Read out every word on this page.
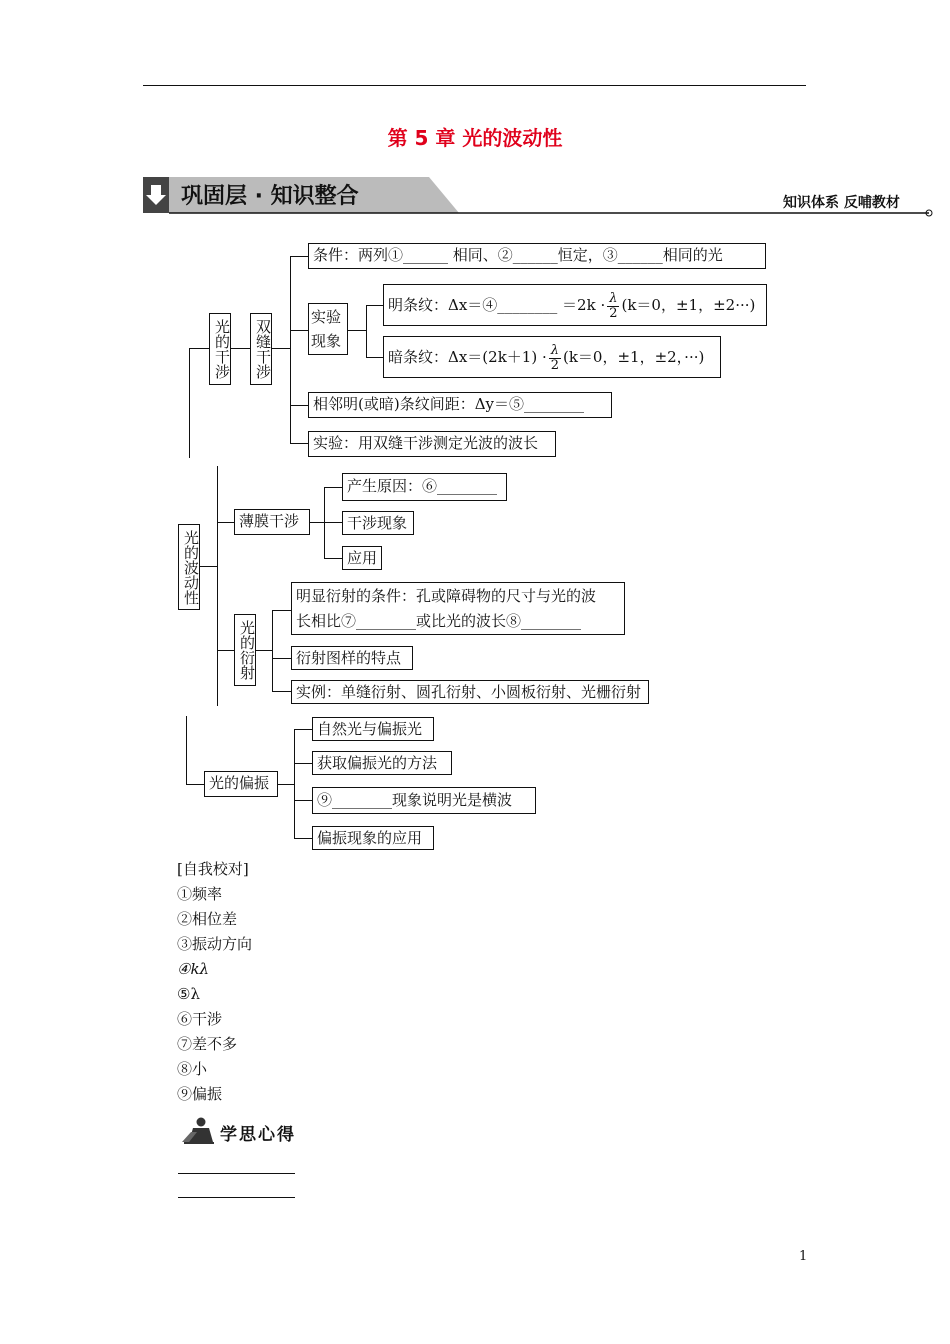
第 5 章 光的波动性
巩固层 · 知识整合	知识体系 反哺教材
光的波动性
光的干涉 双缝干涉
条件：两列①______ 相同、②______恒定，③______相同的光
实验现象
明条纹：Δx＝④________ $=2k \cdot \frac{\lambda}{2} (k=0$，±1，±2···)
暗条纹：$\Delta x=(2k+1) \cdot \frac{\lambda}{2} (k=0$，±1，±2，···)
相邻明(或暗)条纹间距：Δy＝⑤________
实验：用双缝干涉测定光波的波长
薄膜干涉
产生原因：⑥________
干涉现象
应用
光的衍射
明显衍射的条件：孔或障碍物的尺寸与光的波
长相比⑦________或比光的波长⑧________
衍射图样的特点
实例：单缝衍射、圆孔衍射、小圆板衍射、光栅衍射
光的偏振
自然光与偏振光
获取偏振光的方法
⑨________现象说明光是横波
偏振现象的应用
[自我校对]
①频率
②相位差
③振动方向
④kλ
⑤λ
⑥干涉
⑦差不多
⑧小
⑨偏振
学思心得
1
